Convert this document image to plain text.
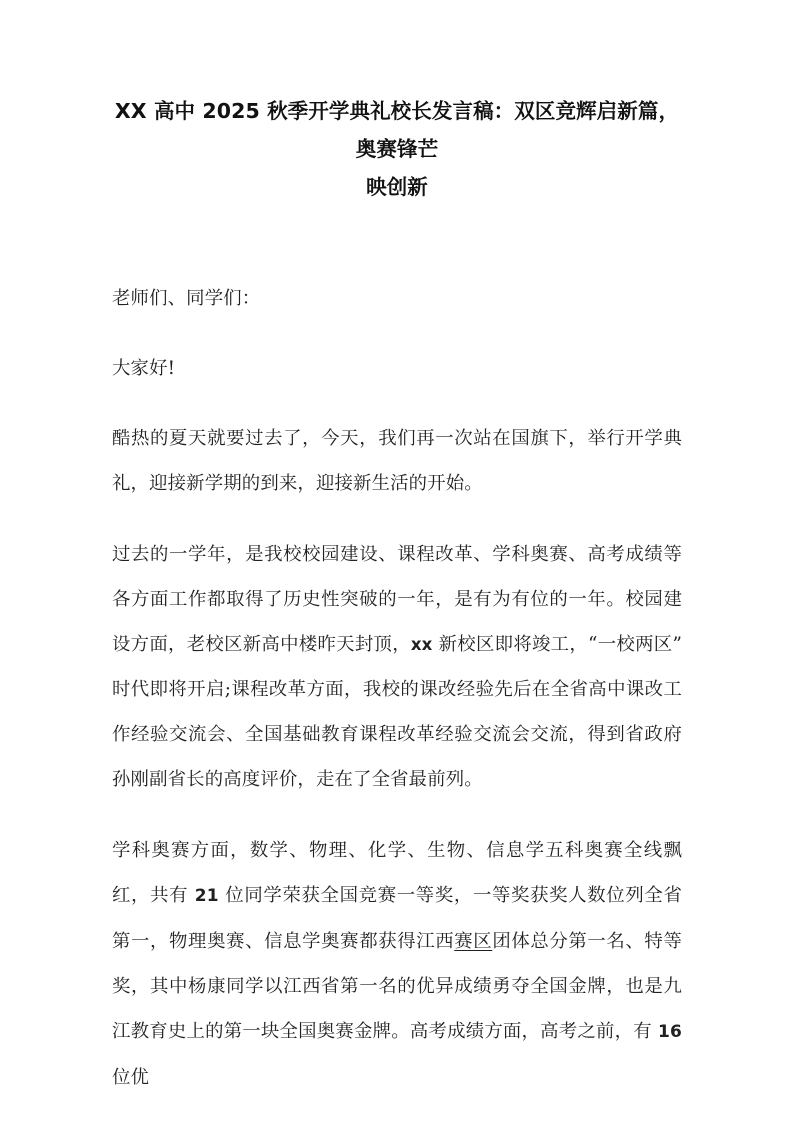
XX 高中 2025 秋季开学典礼校长发言稿：双区竞辉启新篇，奥赛锋芒
映创新

老师们、同学们：

大家好!

酷热的夏天就要过去了，今天，我们再一次站在国旗下，举行开学典礼，迎接新学期的到来，迎接新生活的开始。

过去的一学年，是我校校园建设、课程改革、学科奥赛、高考成绩等各方面工作都取得了历史性突破的一年，是有为有位的一年。校园建设方面，老校区新高中楼昨天封顶，xx 新校区即将竣工，“一校两区”时代即将开启;课程改革方面，我校的课改经验先后在全省高中课改工作经验交流会、全国基础教育课程改革经验交流会交流，得到省政府孙刚副省长的高度评价，走在了全省最前列。

学科奥赛方面，数学、物理、化学、生物、信息学五科奥赛全线飘红，共有 21 位同学荣获全国竞赛一等奖，一等奖获奖人数位列全省第一，物理奥赛、信息学奥赛都获得江西赛区团体总分第一名、特等奖，其中杨康同学以江西省第一名的优异成绩勇夺全国金牌，也是九江教育史上的第一块全国奥赛金牌。高考成绩方面，高考之前，有 16 位优
